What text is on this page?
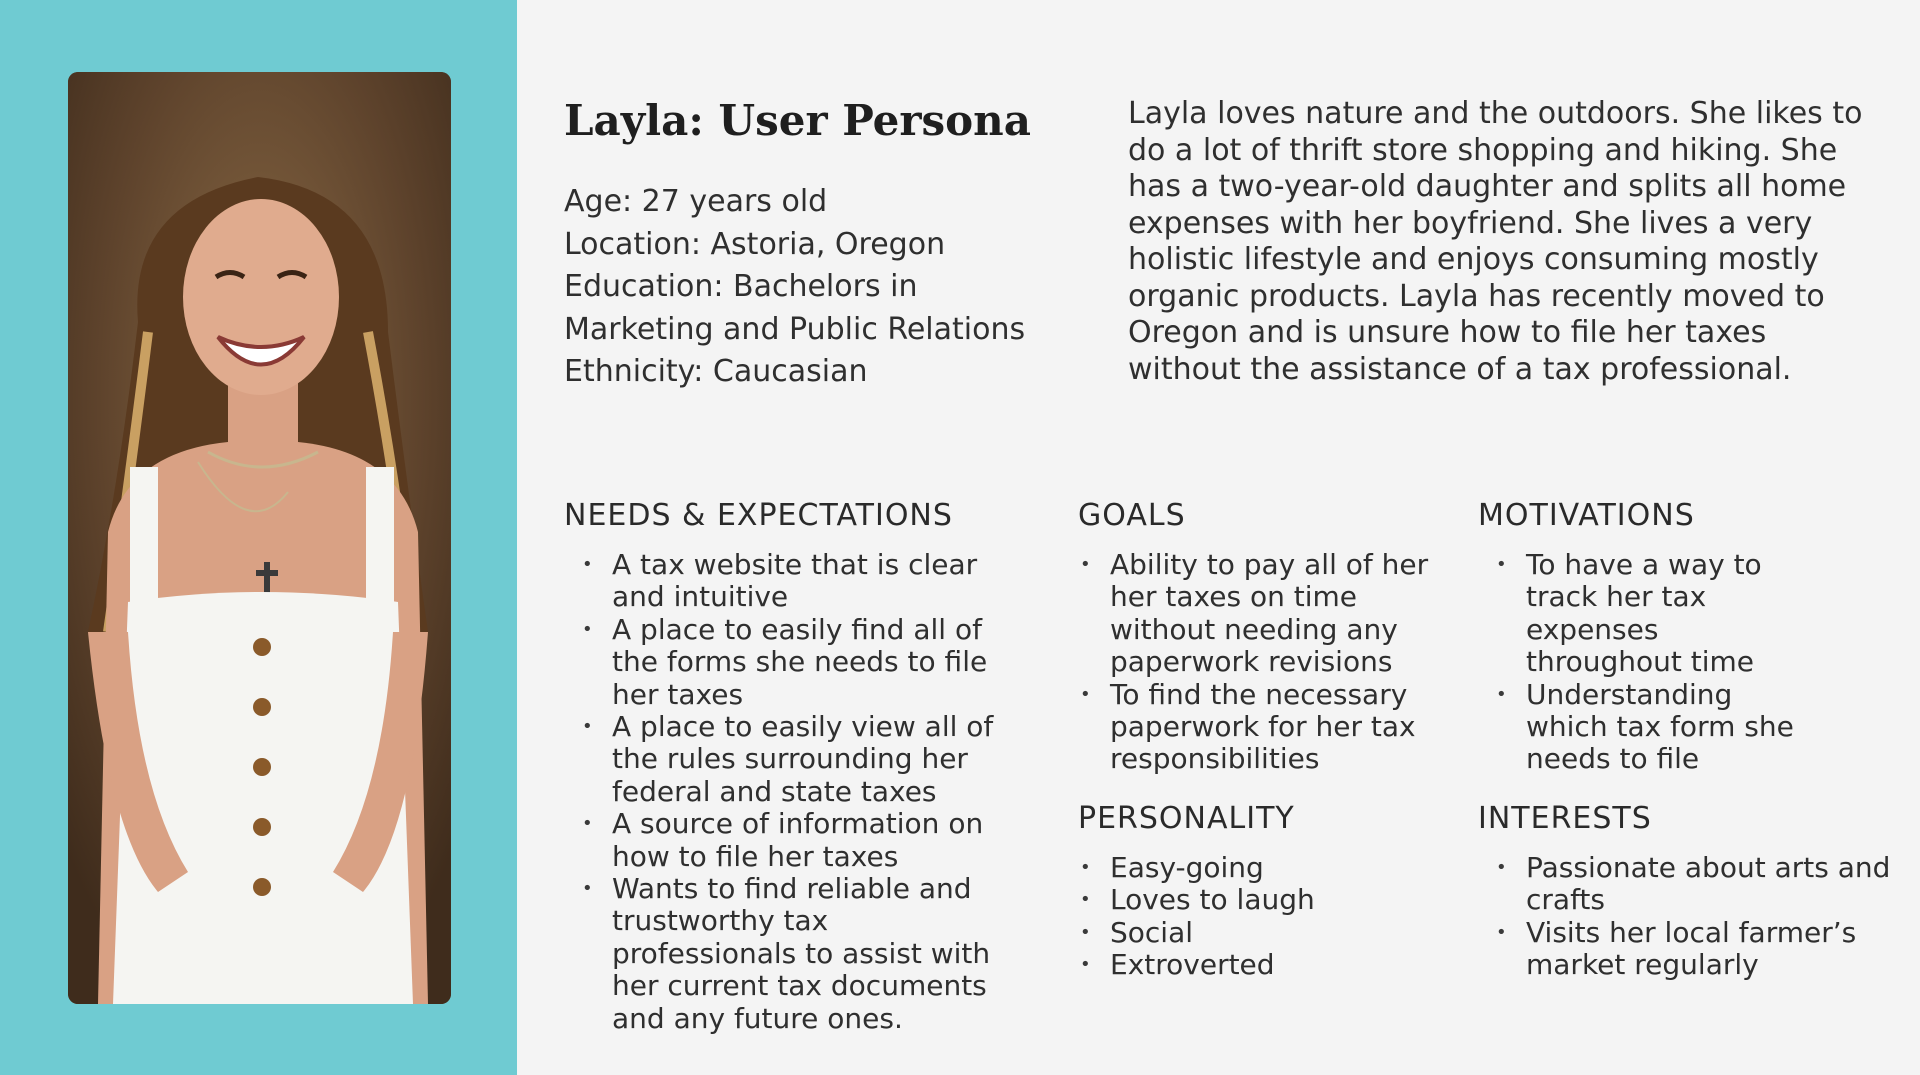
Layla: User Persona
Age: 27 years old
Location: Astoria, Oregon
Education: Bachelors in
Marketing and Public Relations
Ethnicity: Caucasian
Layla loves nature and the outdoors. She likes to do a lot of thrift store shopping and hiking. She has a two-year-old daughter and splits all home expenses with her boyfriend. She lives a very holistic lifestyle and enjoys consuming mostly organic products. Layla has recently moved to Oregon and is unsure how to file her taxes without the assistance of a tax professional.
NEEDS & EXPECTATIONS
• A tax website that is clear and intuitive
• A place to easily find all of the forms she needs to file her taxes
• A place to easily view all of the rules surrounding her federal and state taxes
• A source of information on how to file her taxes
• Wants to find reliable and trustworthy tax professionals to assist with her current tax documents and any future ones.
GOALS
• Ability to pay all of her her taxes on time without needing any paperwork revisions
• To find the necessary paperwork for her tax responsibilities
MOTIVATIONS
• To have a way to track her tax expenses throughout time
• Understanding which tax form she needs to file
PERSONALITY
• Easy-going
• Loves to laugh
• Social
• Extroverted
INTERESTS
• Passionate about arts and crafts
• Visits her local farmer’s market regularly
